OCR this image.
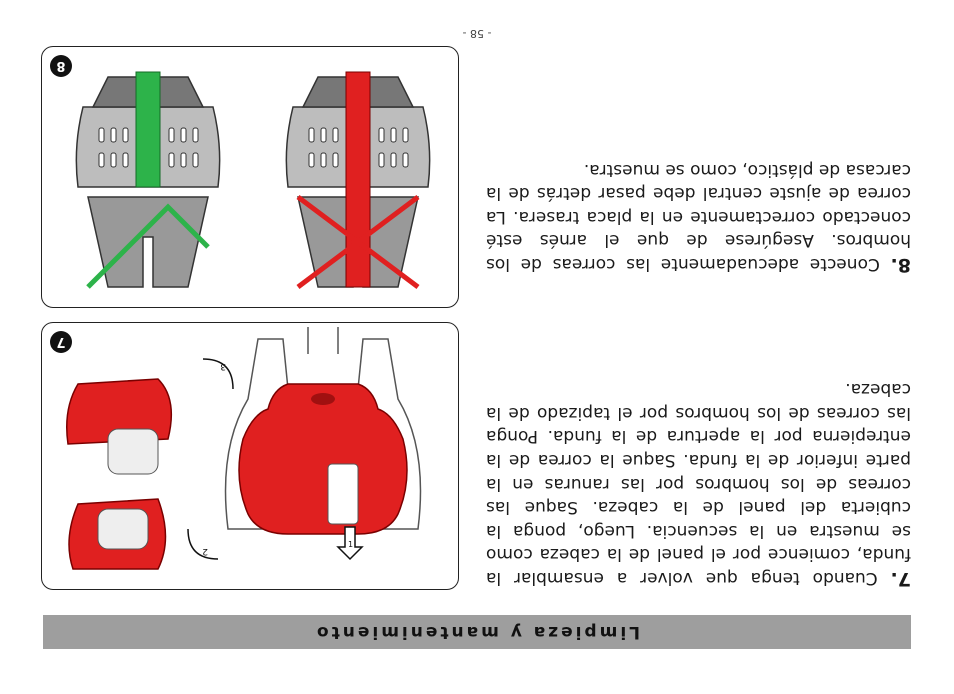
Limpieza y mantenimiento

7. Cuando tenga que volver a ensamblar la funda, comience por el panel de la cabeza como se muestra en la secuencia. Luego, ponga la cubierta del panel de la cabeza. Saque las correas de los hombros por las ranuras en la parte inferior de la funda. Saque la correa de la entrepierna por la apertura de la funda. Ponga las correas de los hombros por el tapizado de la cabeza.

8. Conecte adecuadamente las correas de los hombros. Asegúrese de que el arnés esté conectado correctamente en la placa trasera. La correa de ajuste central debe pasar detrás de la carcasa de plástico, como se muestra.

1
2
3
7
8
- 58 -
